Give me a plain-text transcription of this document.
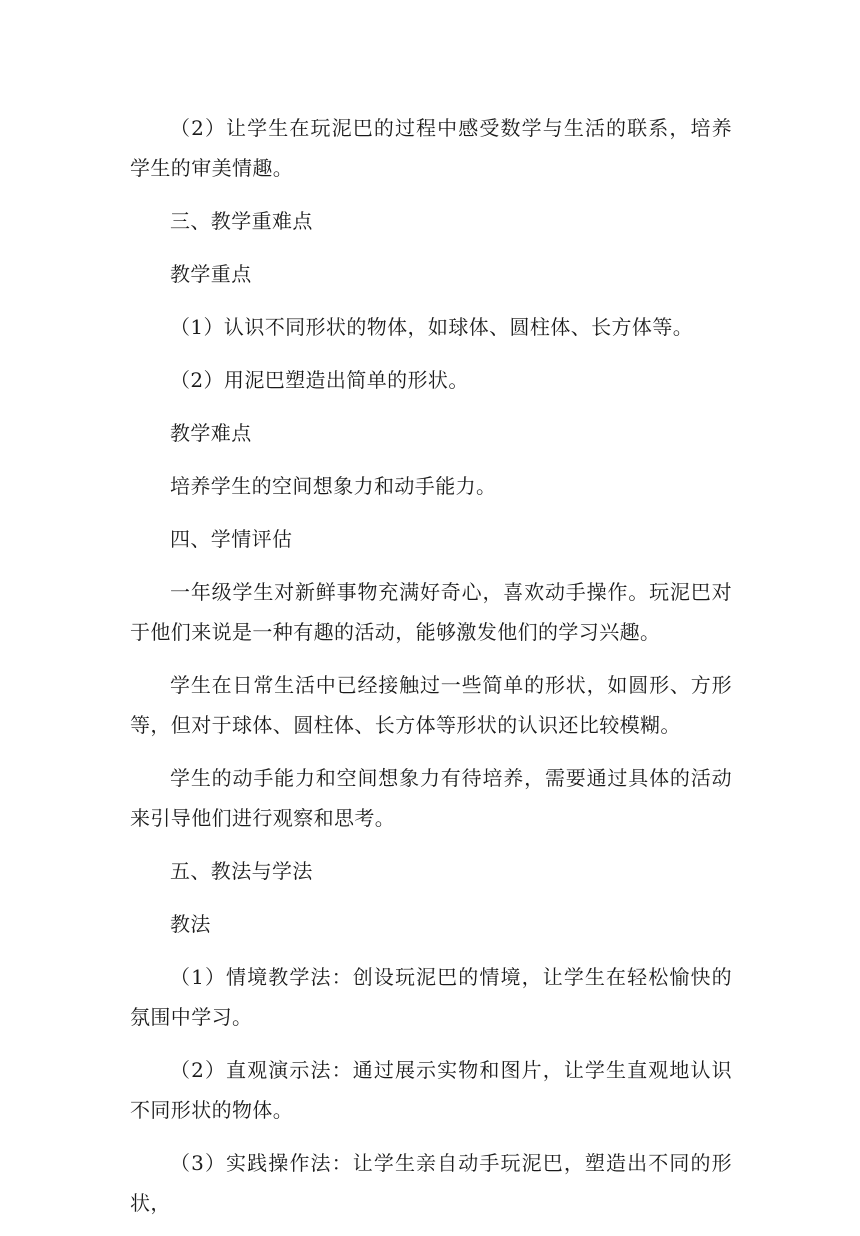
（2）让学生在玩泥巴的过程中感受数学与生活的联系，培养学生的审美情趣。

三、教学重难点

教学重点

（1）认识不同形状的物体，如球体、圆柱体、长方体等。

（2）用泥巴塑造出简单的形状。

教学难点

培养学生的空间想象力和动手能力。

四、学情评估

一年级学生对新鲜事物充满好奇心，喜欢动手操作。玩泥巴对于他们来说是一种有趣的活动，能够激发他们的学习兴趣。

学生在日常生活中已经接触过一些简单的形状，如圆形、方形等，但对于球体、圆柱体、长方体等形状的认识还比较模糊。

学生的动手能力和空间想象力有待培养，需要通过具体的活动来引导他们进行观察和思考。

五、教法与学法

教法

（1）情境教学法：创设玩泥巴的情境，让学生在轻松愉快的氛围中学习。

（2）直观演示法：通过展示实物和图片，让学生直观地认识不同形状的物体。

（3）实践操作法：让学生亲自动手玩泥巴，塑造出不同的形状，
